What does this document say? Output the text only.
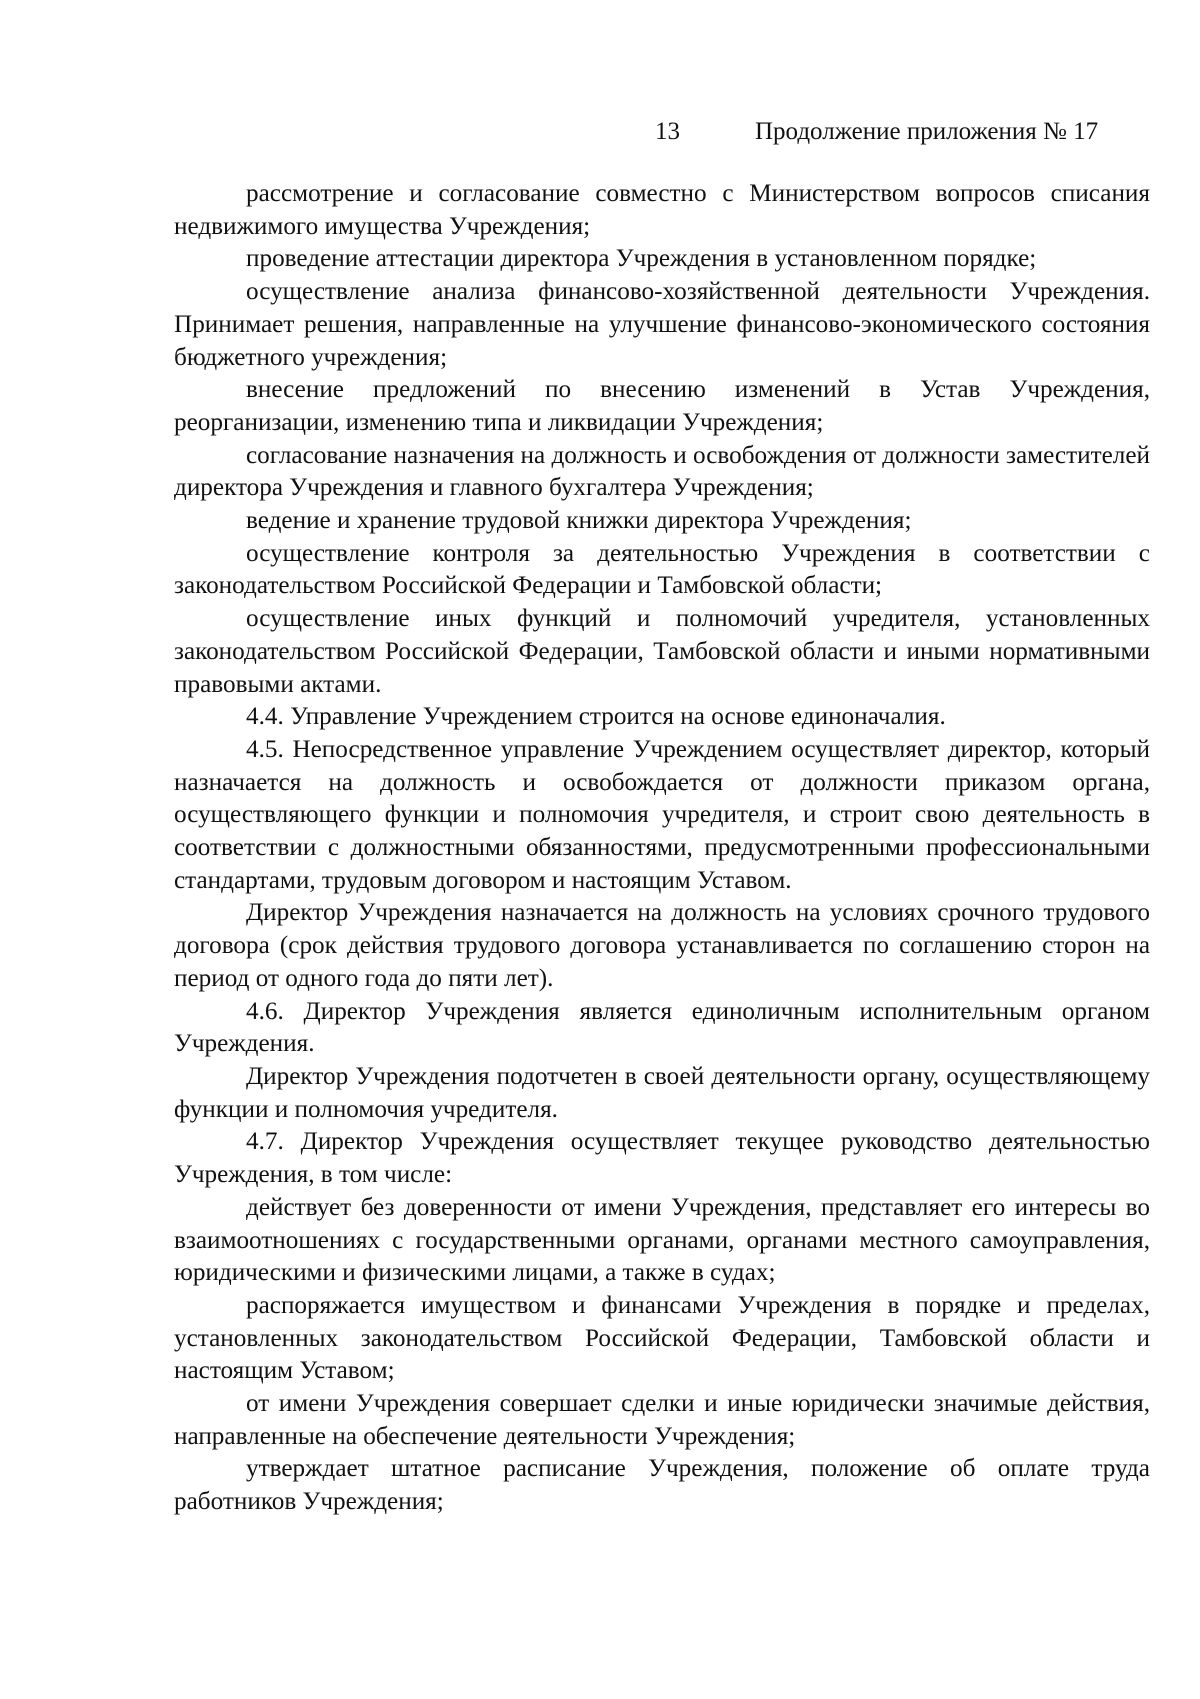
13	Продолжение приложения № 17

рассмотрение и согласование совместно с Министерством вопросов списания недвижимого имущества Учреждения;

проведение аттестации директора Учреждения в установленном порядке;

осуществление анализа финансово-хозяйственной деятельности Учреждения. Принимает решения, направленные на улучшение финансово-экономического состояния бюджетного учреждения;

внесение предложений по внесению изменений в Устав Учреждения, реорганизации, изменению типа и ликвидации Учреждения;

согласование назначения на должность и освобождения от должности заместителей директора Учреждения и главного бухгалтера Учреждения;

ведение и хранение трудовой книжки директора Учреждения;

осуществление контроля за деятельностью Учреждения в соответствии с законодательством Российской Федерации и Тамбовской области;

осуществление иных функций и полномочий учредителя, установленных законодательством Российской Федерации, Тамбовской области и иными нормативными правовыми актами.

4.4. Управление Учреждением строится на основе единоначалия.

4.5. Непосредственное управление Учреждением осуществляет директор, который назначается на должность и освобождается от должности приказом органа, осуществляющего функции и полномочия учредителя, и строит свою деятельность в соответствии с должностными обязанностями, предусмотренными профессиональными стандартами, трудовым договором и настоящим Уставом.

Директор Учреждения назначается на должность на условиях срочного трудового договора (срок действия трудового договора устанавливается по соглашению сторон на период от одного года до пяти лет).

4.6. Директор Учреждения является единоличным исполнительным органом Учреждения.

Директор Учреждения подотчетен в своей деятельности органу, осуществляющему функции и полномочия учредителя.

4.7. Директор Учреждения осуществляет текущее руководство деятельностью Учреждения, в том числе:

действует без доверенности от имени Учреждения, представляет его интересы во взаимоотношениях с государственными органами, органами местного самоуправления, юридическими и физическими лицами, а также в судах;

распоряжается имуществом и финансами Учреждения в порядке и пределах, установленных законодательством Российской Федерации, Тамбовской области и настоящим Уставом;

от имени Учреждения совершает сделки и иные юридически значимые действия, направленные на обеспечение деятельности Учреждения;

утверждает штатное расписание Учреждения, положение об оплате труда работников Учреждения;
